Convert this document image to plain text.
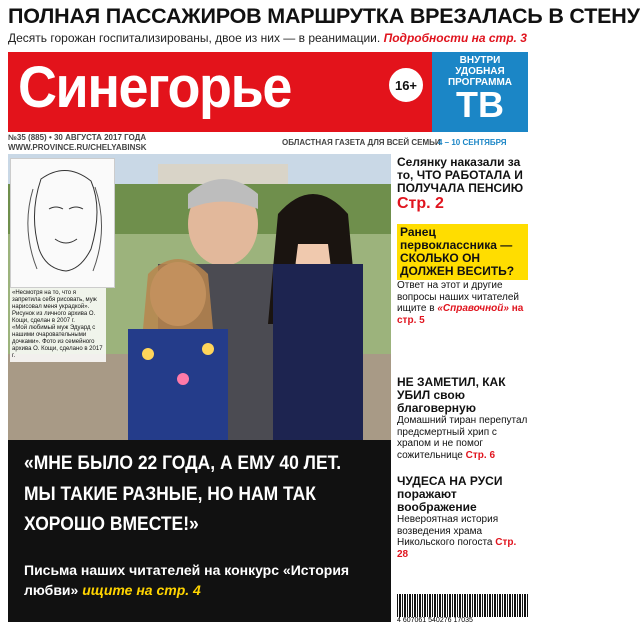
ПОЛНАЯ ПАССАЖИРОВ МАРШРУТКА ВРЕЗАЛАСЬ В СТЕНУ
Десять горожан госпитализированы, двое из них — в реанимации. Подробности на стр. 3
Синегорье	16+
ВНУТРИ
УДОБНАЯ
ПРОГРАММА
ТВ
№35 (885) • 30 АВГУСТА 2017 ГОДА
WWW.PROVINCE.RU/CHELYABINSK
ОБЛАСТНАЯ ГАЗЕТА ДЛЯ ВСЕЙ СЕМЬИ
4 – 10 СЕНТЯБРЯ
«Несмотря на то, что я запретила себя рисовать, муж нарисовал меня украдкой».
Рисунок из личного архива О. Кощи, сделан в 2007 г.
«Мой любимый муж Эдуард с нашими очаровательными дочками». Фото из семейного архива О. Кощи, сделано в 2017 г.
«МНЕ БЫЛО 22 ГОДА, А ЕМУ 40 ЛЕТ.
МЫ ТАКИЕ РАЗНЫЕ, НО НАМ ТАК ХОРОШО ВМЕСТЕ!»
Письма наших читателей на конкурс «История любви» ищите на стр. 4
Селянку наказали за то, ЧТО РАБОТАЛА И ПОЛУЧАЛА ПЕНСИЮ
Стр. 2
Ранец первоклассника — СКОЛЬКО ОН ДОЛЖЕН ВЕСИТЬ?

Ответ на этот и другие вопросы наших читателей ищите в «Справочной» на стр. 5

НЕ ЗАМЕТИЛ, КАК УБИЛ свою благоверную

Домашний тиран перепутал предсмертный хрип с храпом и не помог сожительнице Стр. 6

ЧУДЕСА НА РУСИ поражают воображение

Невероятная история возведения храма Никольского погоста Стр. 28

4 607061 540276 17035
